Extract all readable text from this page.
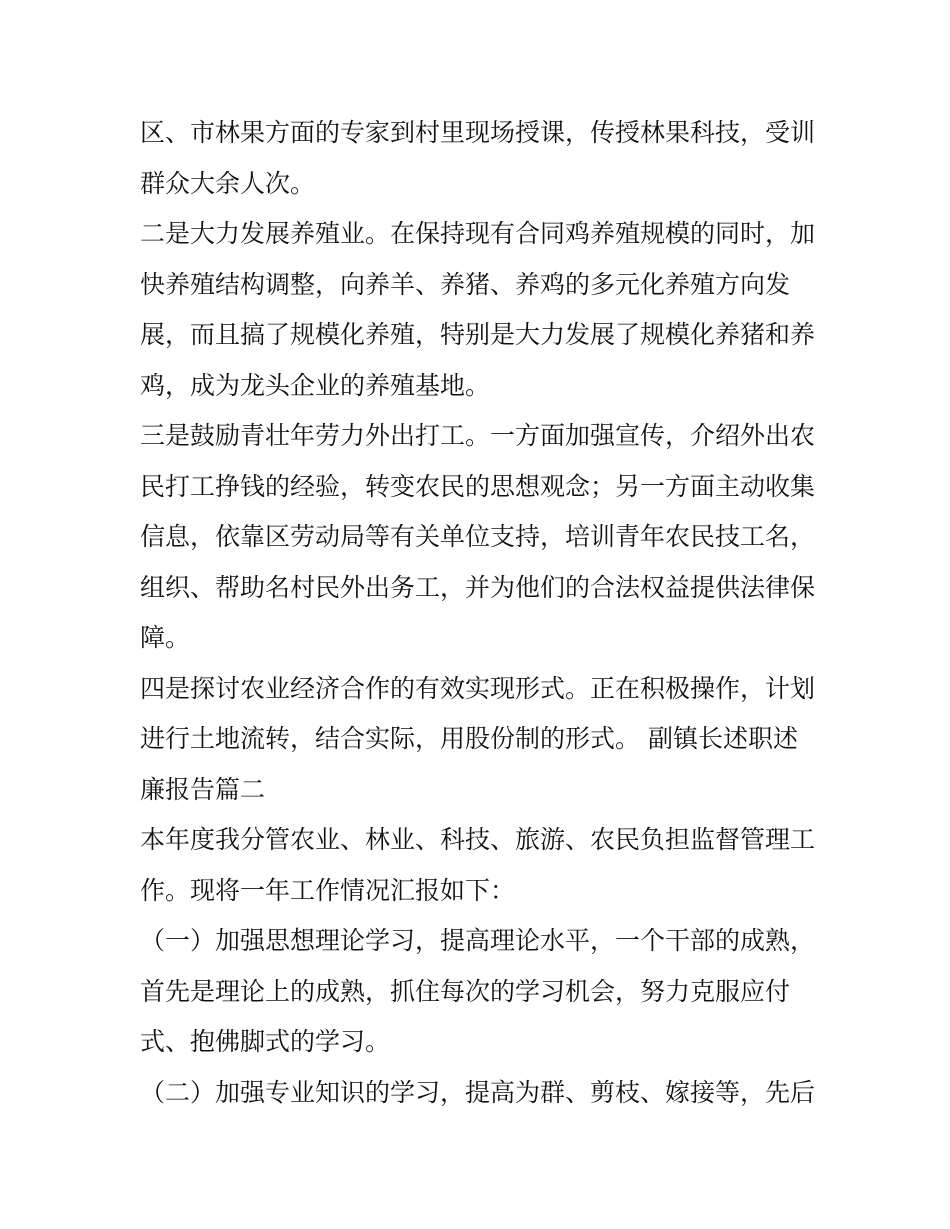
区、市林果方面的专家到村里现场授课，传授林果科技，受训
群众大余人次。
二是大力发展养殖业。在保持现有合同鸡养殖规模的同时，加
快养殖结构调整，向养羊、养猪、养鸡的多元化养殖方向发
展，而且搞了规模化养殖，特别是大力发展了规模化养猪和养
鸡，成为龙头企业的养殖基地。
三是鼓励青壮年劳力外出打工。一方面加强宣传，介绍外出农
民打工挣钱的经验，转变农民的思想观念；另一方面主动收集
信息，依靠区劳动局等有关单位支持，培训青年农民技工名，
组织、帮助名村民外出务工，并为他们的合法权益提供法律保
障。
四是探讨农业经济合作的有效实现形式。正在积极操作，计划
进行土地流转，结合实际，用股份制的形式。 副镇长述职述
廉报告篇二
本年度我分管农业、林业、科技、旅游、农民负担监督管理工
作。现将一年工作情况汇报如下：
（一）加强思想理论学习，提高理论水平，一个干部的成熟，
首先是理论上的成熟，抓住每次的学习机会，努力克服应付
式、抱佛脚式的学习。
（二）加强专业知识的学习，提高为群、剪枝、嫁接等，先后
